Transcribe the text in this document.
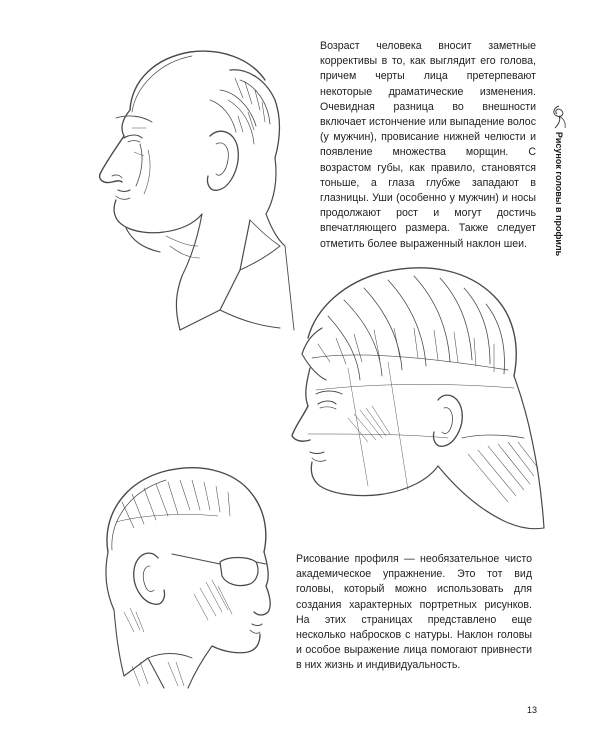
Возраст человека вносит заметные коррективы в то, как выглядит его голова, причем черты лица претерпевают некоторые драматические изменения. Очевидная разница во внешности включает истончение или выпадение волос (у мужчин), провисание нижней челюсти и появление множества морщин. С возрастом губы, как правило, становятся тоньше, а глаза глубже западают в глазницы. Уши (особенно у мужчин) и носы продолжают рост и могут достичь впечатляющего размера. Также следует отметить более выраженный наклон шеи.

Рисование профиля — необязательное чисто академическое упражнение. Это тот вид головы, который можно использовать для создания характерных портретных рисунков. На этих страницах представлено еще несколько набросков с натуры. Наклон головы и особое выражение лица помогают привнести в них жизнь и индивидуальность.

Рисунок головы в профиль
13
